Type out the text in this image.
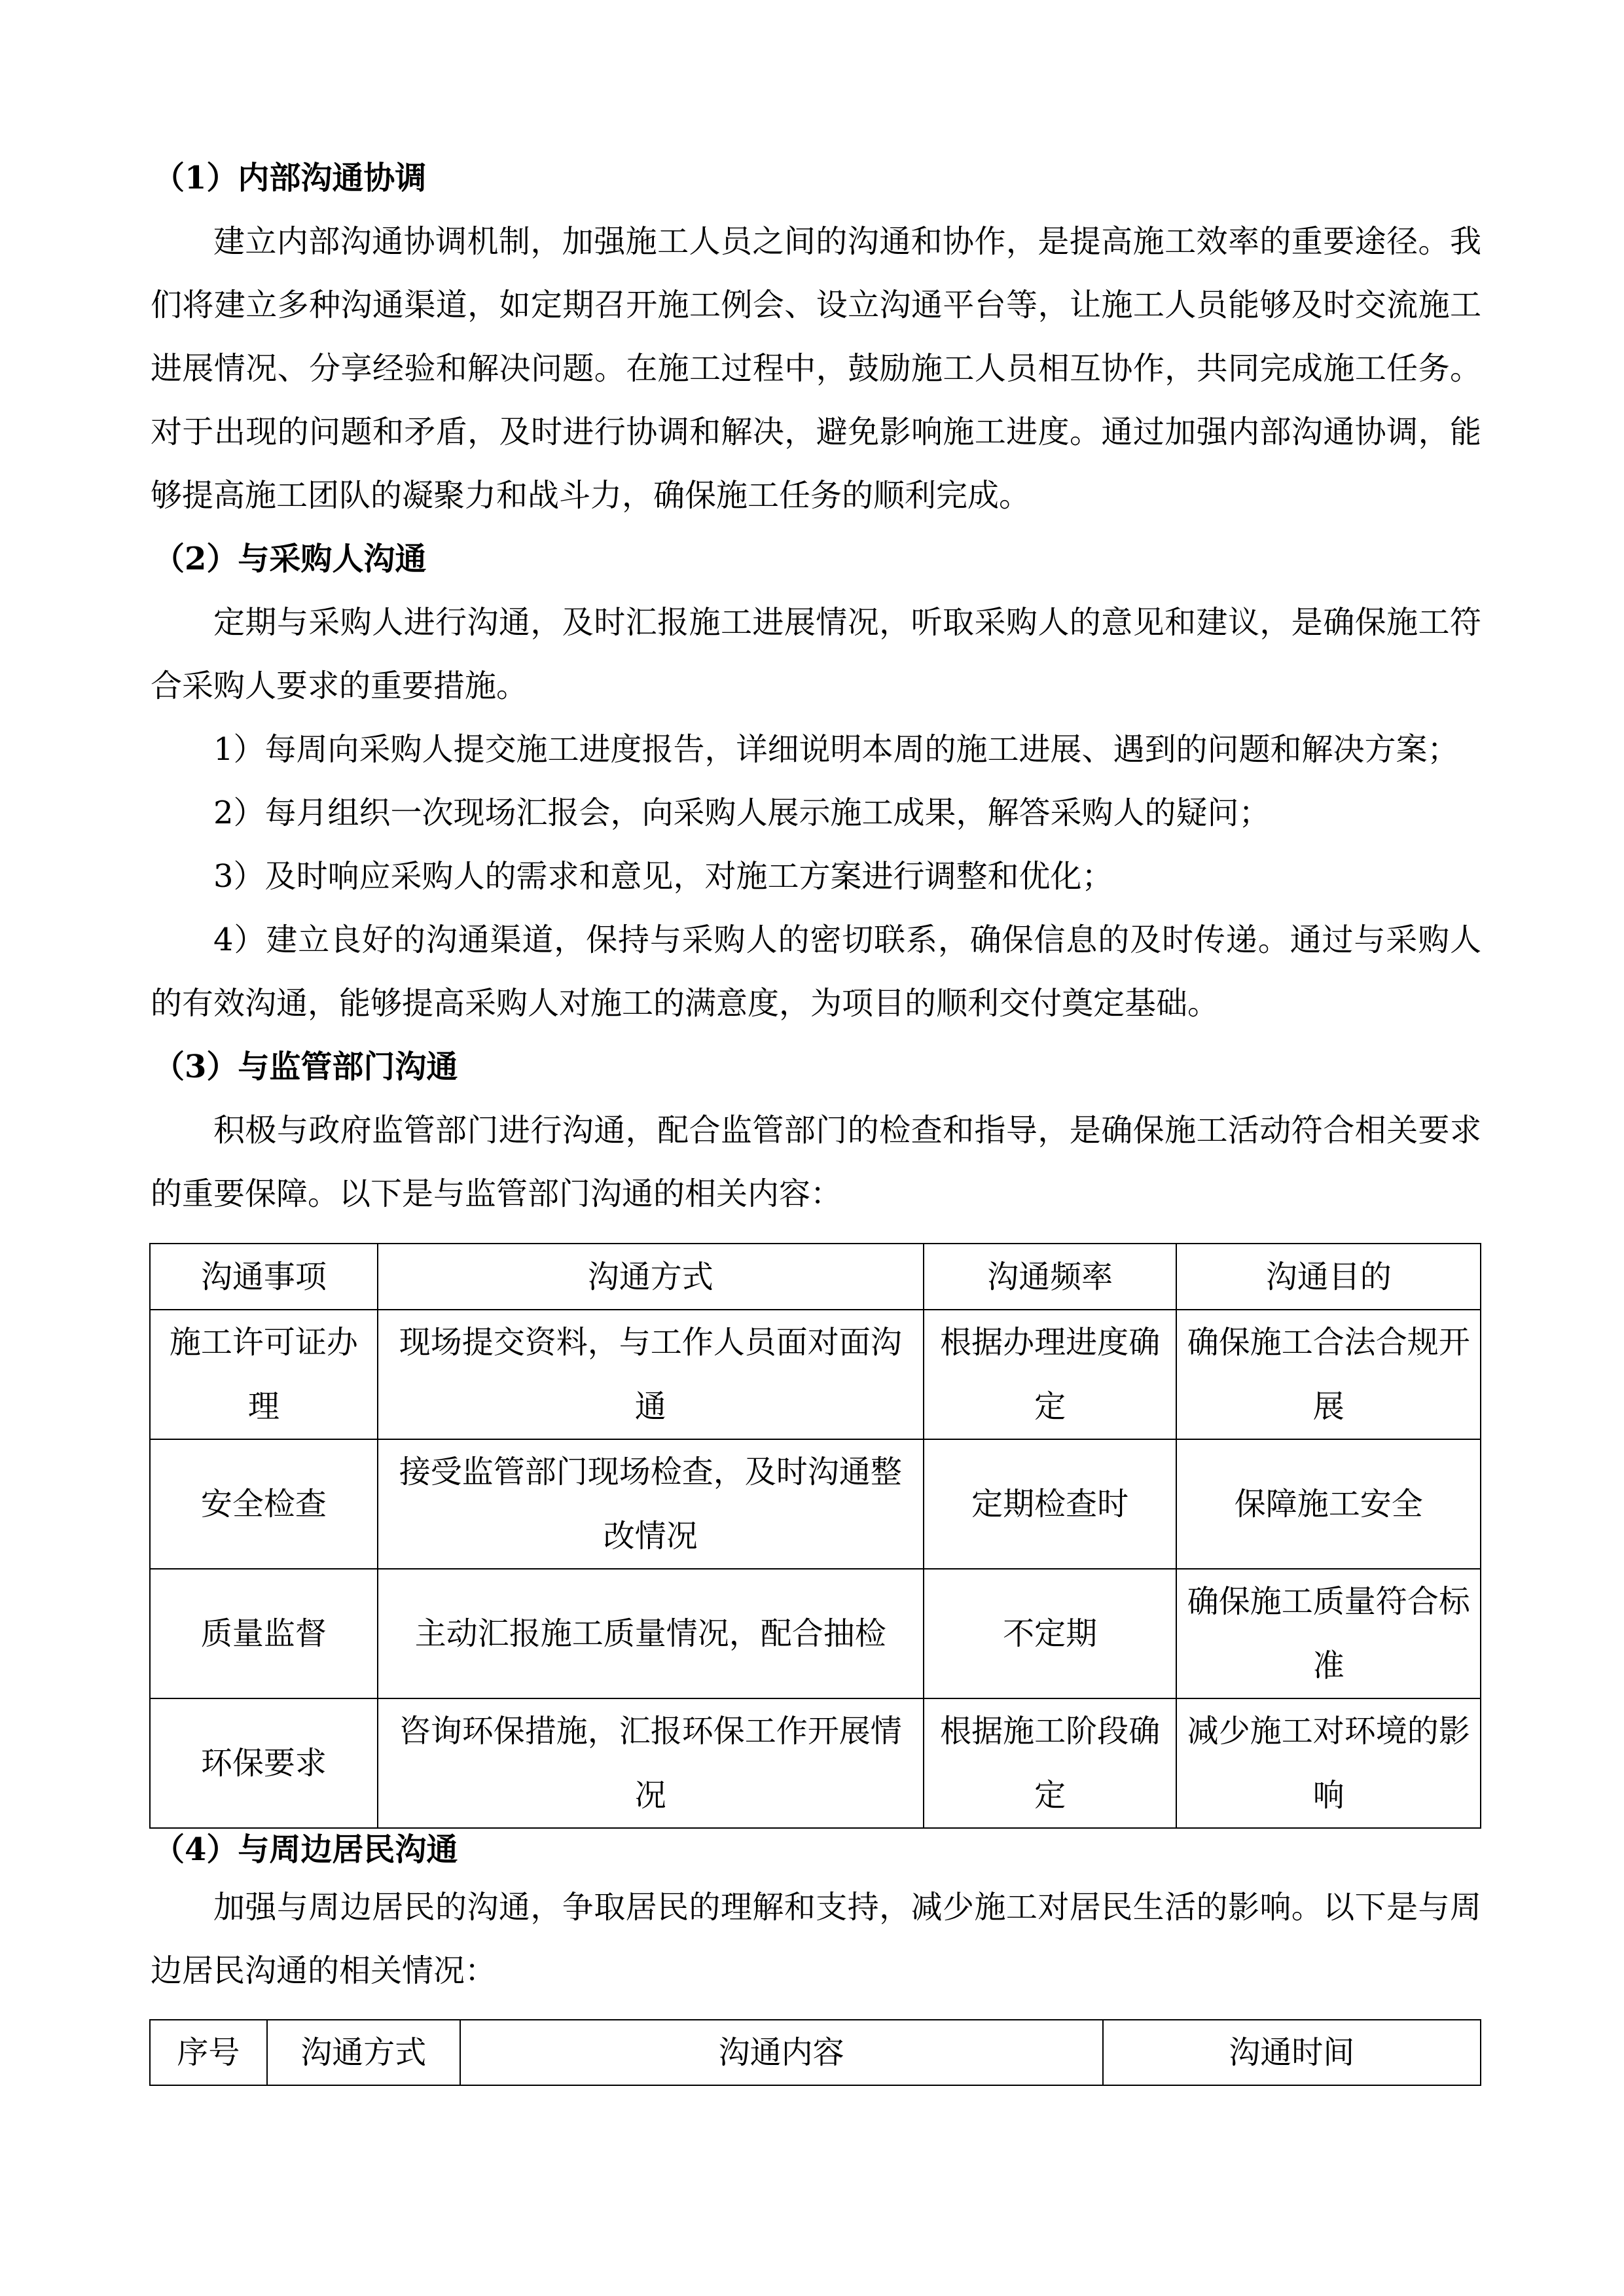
（1）内部沟通协调

建立内部沟通协调机制，加强施工人员之间的沟通和协作，是提高施工效率的重要途径。我们将建立多种沟通渠道，如定期召开施工例会、设立沟通平台等，让施工人员能够及时交流施工进展情况、分享经验和解决问题。在施工过程中，鼓励施工人员相互协作，共同完成施工任务。对于出现的问题和矛盾，及时进行协调和解决，避免影响施工进度。通过加强内部沟通协调，能够提高施工团队的凝聚力和战斗力，确保施工任务的顺利完成。

（2）与采购人沟通

定期与采购人进行沟通，及时汇报施工进展情况，听取采购人的意见和建议，是确保施工符合采购人要求的重要措施。

1）每周向采购人提交施工进度报告，详细说明本周的施工进展、遇到的问题和解决方案；

2）每月组织一次现场汇报会，向采购人展示施工成果，解答采购人的疑问；

3）及时响应采购人的需求和意见，对施工方案进行调整和优化；

4）建立良好的沟通渠道，保持与采购人的密切联系，确保信息的及时传递。通过与采购人的有效沟通，能够提高采购人对施工的满意度，为项目的顺利交付奠定基础。

（3）与监管部门沟通

积极与政府监管部门进行沟通，配合监管部门的检查和指导，是确保施工活动符合相关要求的重要保障。以下是与监管部门沟通的相关内容：

沟通事项	沟通方式	沟通频率	沟通目的
施工许可证办理	现场提交资料，与工作人员面对面沟通	根据办理进度确定	确保施工合法合规开展
安全检查	接受监管部门现场检查，及时沟通整改情况	定期检查时	保障施工安全
质量监督	主动汇报施工质量情况，配合抽检	不定期	确保施工质量符合标准
环保要求	咨询环保措施，汇报环保工作开展情况	根据施工阶段确定	减少施工对环境的影响

（4）与周边居民沟通

加强与周边居民的沟通，争取居民的理解和支持，减少施工对居民生活的影响。以下是与周边居民沟通的相关情况：

序号	沟通方式	沟通内容	沟通时间
